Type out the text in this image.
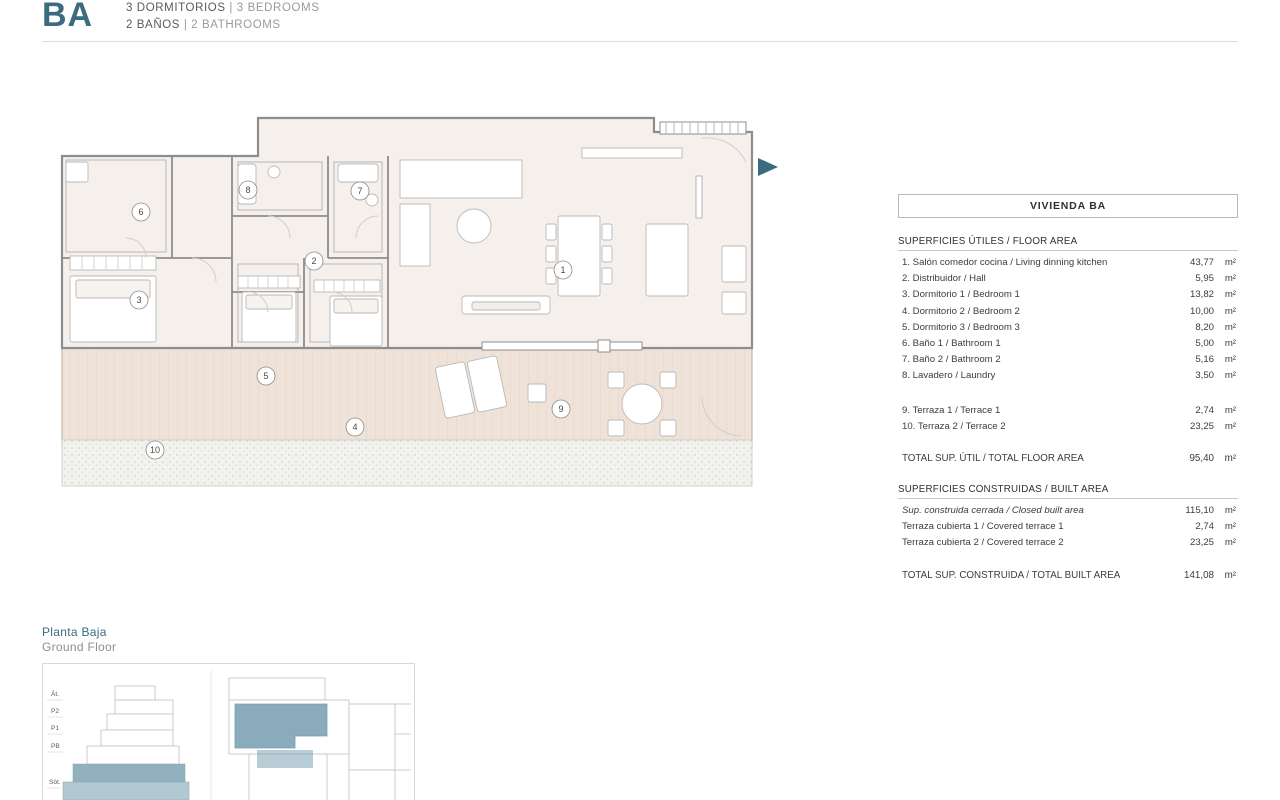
BA	3 DORMITORIOS | 3 BEDROOMS
2 BAÑOS | 2 BATHROOMS
1
2
3
4
5
6
7
8
9
10
VIVIENDA BA
SUPERFICIES ÚTILES / FLOOR AREA
1. Salón comedor cocina / Living dinning kitchen	43,77	m²
2. Distribuidor / Hall	5,95	m²
3. Dormitorio 1 / Bedroom 1	13,82	m²
4. Dormitorio 2 / Bedroom 2	10,00	m²
5. Dormitorio 3 / Bedroom 3	8,20	m²
6. Baño 1 / Bathroom 1	5,00	m²
7. Baño 2 / Bathroom 2	5,16	m²
8. Lavadero / Laundry	3,50	m²
9. Terraza 1 / Terrace 1	2,74	m²
10. Terraza 2 / Terrace 2	23,25	m²
TOTAL SUP. ÚTIL / TOTAL FLOOR AREA	95,40	m²
SUPERFICIES CONSTRUIDAS / BUILT AREA
Sup. construida cerrada / Closed built area	115,10	m²
Terraza cubierta 1 / Covered terrace 1	2,74	m²
Terraza cubierta 2 / Covered terrace 2	23,25	m²
TOTAL SUP. CONSTRUIDA / TOTAL BUILT AREA	141,08	m²
Planta Baja
Ground Floor
Át.
P2
P1
PB
Sót.
